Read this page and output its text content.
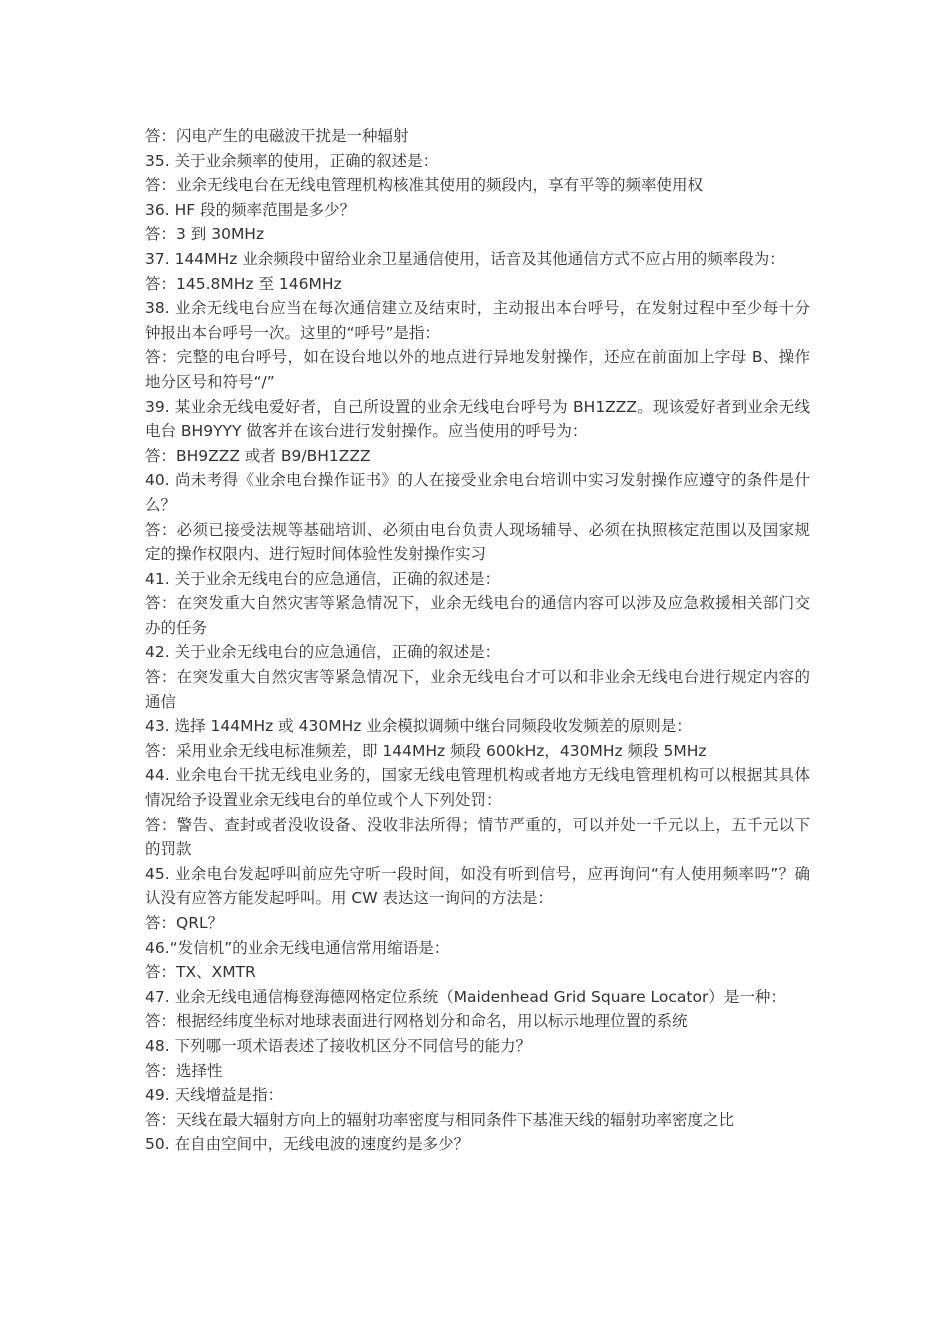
答：闪电产生的电磁波干扰是一种辐射

35. 关于业余频率的使用，正确的叙述是：

答：业余无线电台在无线电管理机构核准其使用的频段内，享有平等的频率使用权

36. HF 段的频率范围是多少？

答：3 到 30MHz

37. 144MHz 业余频段中留给业余卫星通信使用，话音及其他通信方式不应占用的频率段为：

答：145.8MHz 至 146MHz

38. 业余无线电台应当在每次通信建立及结束时，主动报出本台呼号，在发射过程中至少每十分钟报出本台呼号一次。这里的“呼号”是指：

答：完整的电台呼号，如在设台地以外的地点进行异地发射操作，还应在前面加上字母 B、操作地分区号和符号“/”

39. 某业余无线电爱好者，自己所设置的业余无线电台呼号为 BH1ZZZ。现该爱好者到业余无线电台 BH9YYY 做客并在该台进行发射操作。应当使用的呼号为：

答：BH9ZZZ 或者 B9/BH1ZZZ

40. 尚未考得《业余电台操作证书》的人在接受业余电台培训中实习发射操作应遵守的条件是什么？

答：必须已接受法规等基础培训、必须由电台负责人现场辅导、必须在执照核定范围以及国家规定的操作权限内、进行短时间体验性发射操作实习

41. 关于业余无线电台的应急通信，正确的叙述是：

答：在突发重大自然灾害等紧急情况下，业余无线电台的通信内容可以涉及应急救援相关部门交办的任务

42. 关于业余无线电台的应急通信，正确的叙述是：

答：在突发重大自然灾害等紧急情况下，业余无线电台才可以和非业余无线电台进行规定内容的通信

43. 选择 144MHz 或 430MHz 业余模拟调频中继台同频段收发频差的原则是：

答：采用业余无线电标准频差，即 144MHz 频段 600kHz，430MHz 频段 5MHz

44. 业余电台干扰无线电业务的，国家无线电管理机构或者地方无线电管理机构可以根据其具体情况给予设置业余无线电台的单位或个人下列处罚：

答：警告、查封或者没收设备、没收非法所得；情节严重的，可以并处一千元以上，五千元以下的罚款

45. 业余电台发起呼叫前应先守听一段时间，如没有听到信号，应再询问“有人使用频率吗”？确认没有应答方能发起呼叫。用 CW 表达这一询问的方法是：

答：QRL？

46.“发信机”的业余无线电通信常用缩语是：

答：TX、XMTR

47. 业余无线电通信梅登海德网格定位系统（Maidenhead Grid Square Locator）是一种：

答：根据经纬度坐标对地球表面进行网格划分和命名，用以标示地理位置的系统

48. 下列哪一项术语表述了接收机区分不同信号的能力？

答：选择性

49. 天线增益是指：

答：天线在最大辐射方向上的辐射功率密度与相同条件下基准天线的辐射功率密度之比

50. 在自由空间中，无线电波的速度约是多少？
